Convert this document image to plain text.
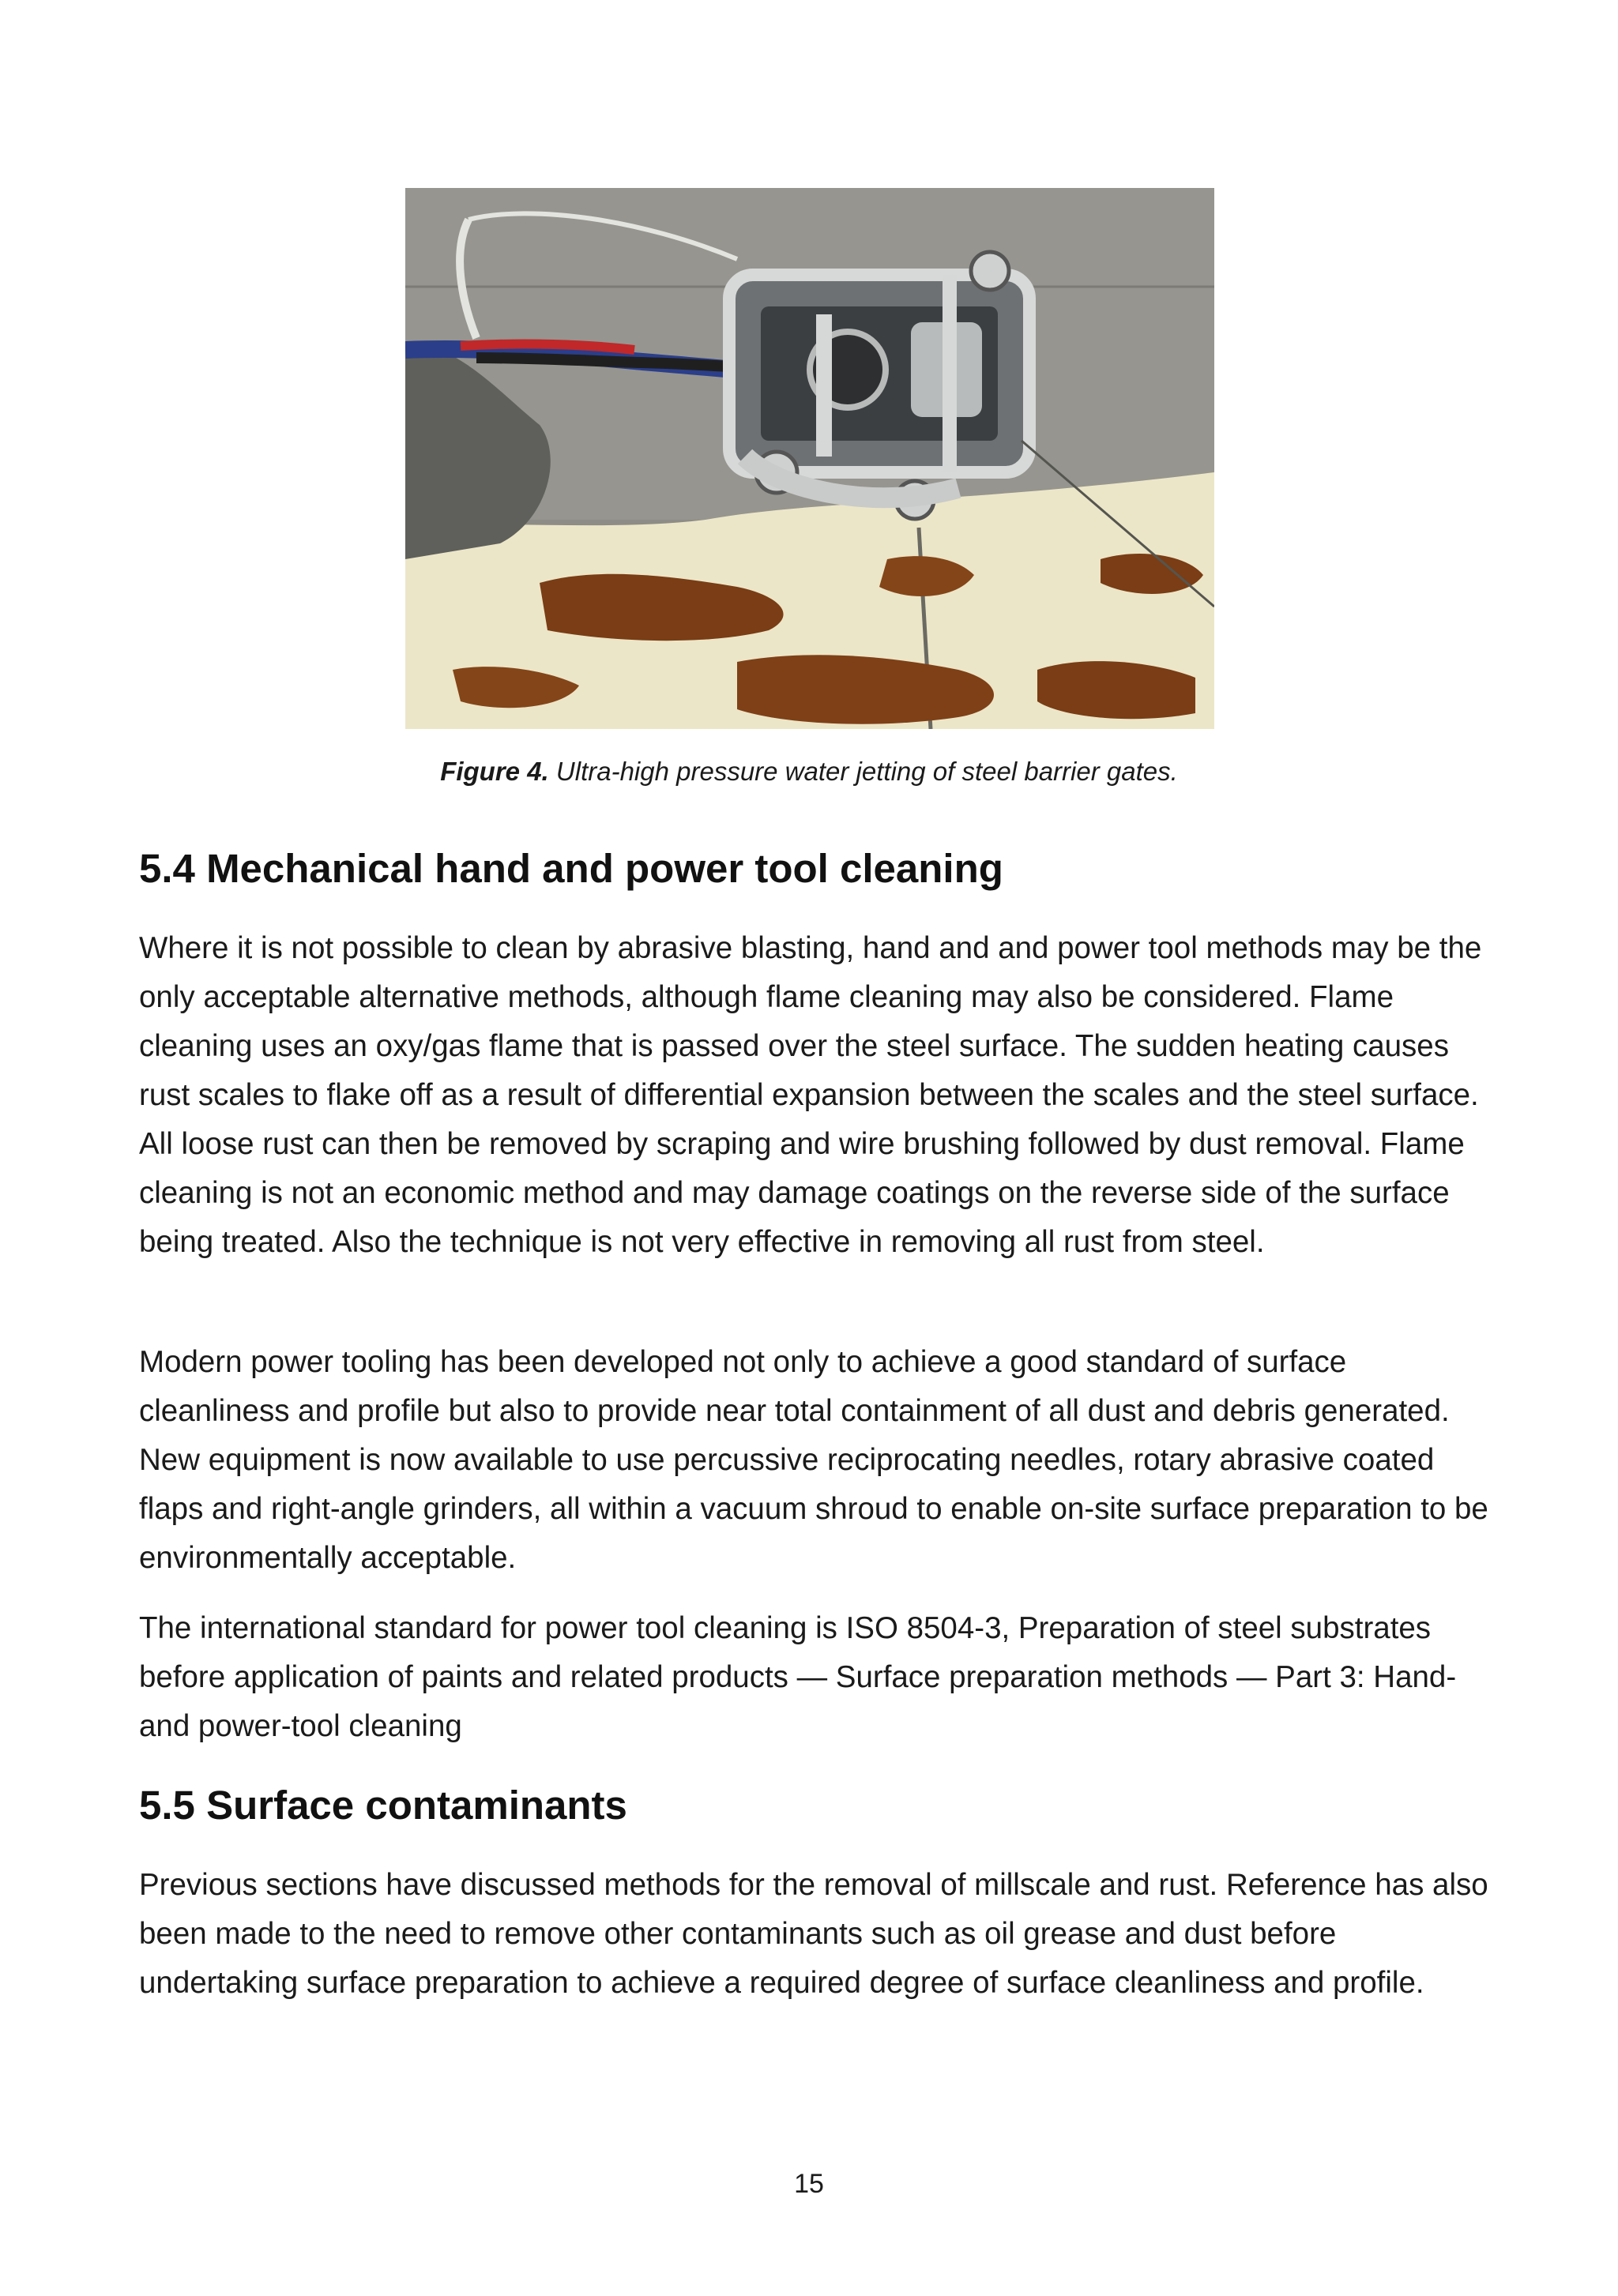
Figure 4. Ultra-high pressure water jetting of steel barrier gates.
5.4 Mechanical hand and power tool cleaning

Where it is not possible to clean by abrasive blasting, hand and and power tool methods may be the only acceptable alternative methods, although flame cleaning may also be considered. Flame cleaning uses an oxy/gas flame that is passed over the steel surface. The sudden heating causes rust scales to flake off as a result of differential expansion between the scales and the steel surface. All loose rust can then be removed by scraping and wire brushing followed by dust removal. Flame cleaning is not an economic method and may damage coatings on the reverse side of the surface being treated. Also the technique is not very effective in removing all rust from steel.

Modern power tooling has been developed not only to achieve a good standard of surface cleanliness and profile but also to provide near total containment of all dust and debris generated. New equipment is now available to use percussive reciprocating needles, rotary abrasive coated flaps and right-angle grinders, all within a vacuum shroud to enable on-site surface preparation to be environmentally acceptable.

The international standard for power tool cleaning is ISO 8504-3, Preparation of steel substrates before application of paints and related products — Surface preparation methods — Part 3: Hand-and power-tool cleaning

5.5 Surface contaminants

Previous sections have discussed methods for the removal of millscale and rust. Reference has also been made to the need to remove other contaminants such as oil grease and dust before undertaking surface preparation to achieve a required degree of surface cleanliness and profile.

15
